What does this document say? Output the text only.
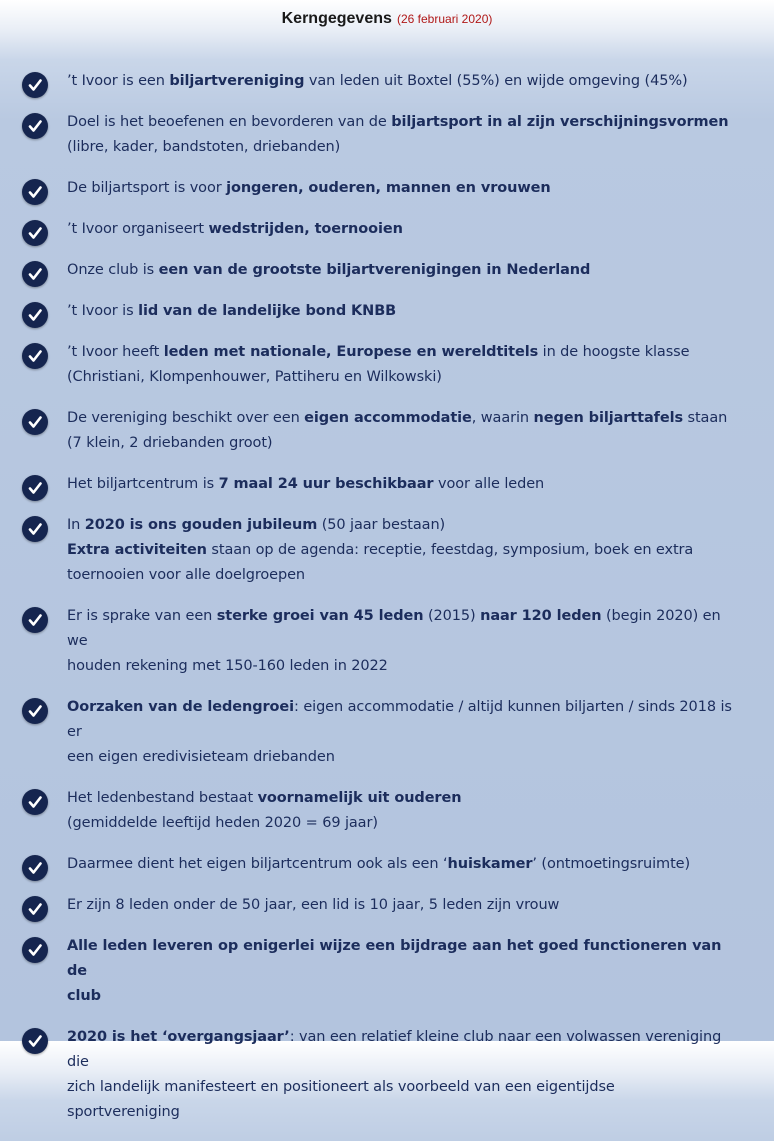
Kerngegevens (26 februari 2020)
’t Ivoor is een biljartvereniging van leden uit Boxtel (55%) en wijde omgeving (45%)
Doel is het beoefenen en bevorderen van de biljartsport in al zijn verschijningsvormen
(libre, kader, bandstoten, driebanden)
De biljartsport is voor jongeren, ouderen, mannen en vrouwen
’t Ivoor organiseert wedstrijden, toernooien
Onze club is een van de grootste biljartverenigingen in Nederland
’t Ivoor is lid van de landelijke bond KNBB
’t Ivoor heeft leden met nationale, Europese en wereldtitels in de hoogste klasse
(Christiani, Klompenhouwer, Pattiheru en Wilkowski)
De vereniging beschikt over een eigen accommodatie, waarin negen biljarttafels staan
(7 klein, 2 driebanden groot)
Het biljartcentrum is 7 maal 24 uur beschikbaar voor alle leden
In 2020 is ons gouden jubileum (50 jaar bestaan)
Extra activiteiten staan op de agenda: receptie, feestdag, symposium, boek en extra
toernooien voor alle doelgroepen
Er is sprake van een sterke groei van 45 leden (2015) naar 120 leden (begin 2020) en we
houden rekening met 150-160 leden in 2022
Oorzaken van de ledengroei: eigen accommodatie / altijd kunnen biljarten / sinds 2018 is er
een eigen eredivisieteam driebanden
Het ledenbestand bestaat voornamelijk uit ouderen
(gemiddelde leeftijd heden 2020 = 69 jaar)
Daarmee dient het eigen biljartcentrum ook als een ‘huiskamer’ (ontmoetingsruimte)
Er zijn 8 leden onder de 50 jaar, een lid is 10 jaar, 5 leden zijn vrouw
Alle leden leveren op enigerlei wijze een bijdrage aan het goed functioneren van de
club
2020 is het ‘overgangsjaar’: van een relatief kleine club naar een volwassen vereniging die
zich landelijk manifesteert en positioneert als voorbeeld van een eigentijdse
sportvereniging
